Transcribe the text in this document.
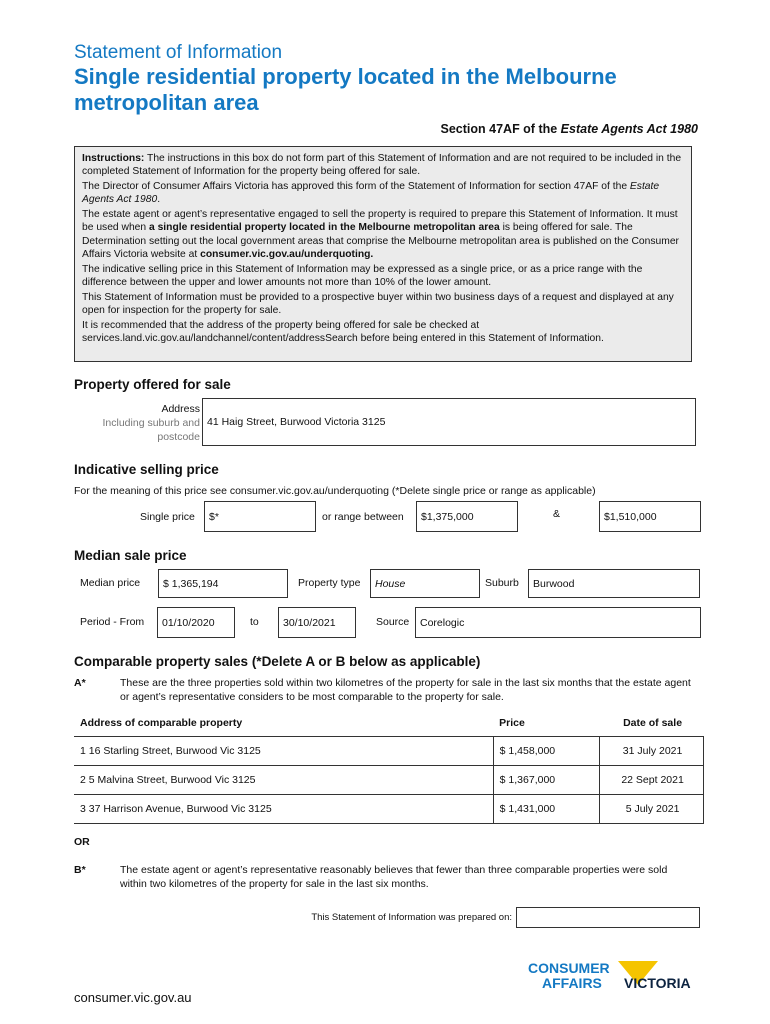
Statement of Information
Single residential property located in the Melbourne metropolitan area
Section 47AF of the Estate Agents Act 1980

Instructions: The instructions in this box do not form part of this Statement of Information and are not required to be included in the completed Statement of Information for the property being offered for sale.

The Director of Consumer Affairs Victoria has approved this form of the Statement of Information for section 47AF of the Estate Agents Act 1980.

The estate agent or agent’s representative engaged to sell the property is required to prepare this Statement of Information. It must be used when a single residential property located in the Melbourne metropolitan area is being offered for sale. The Determination setting out the local government areas that comprise the Melbourne metropolitan area is published on the Consumer Affairs Victoria website at consumer.vic.gov.au/underquoting.

The indicative selling price in this Statement of Information may be expressed as a single price, or as a price range with the difference between the upper and lower amounts not more than 10% of the lower amount.

This Statement of Information must be provided to a prospective buyer within two business days of a request and displayed at any open for inspection for the property for sale.

It is recommended that the address of the property being offered for sale be checked at services.land.vic.gov.au/landchannel/content/addressSearch before being entered in this Statement of Information.

Property offered for sale
Address
Including suburb and
postcode
41 Haig Street, Burwood Victoria 3125
Indicative selling price
For the meaning of this price see consumer.vic.gov.au/underquoting (*Delete single price or range as applicable)
Single price $*	or range between $1,375,000	&	$1,510,000
Median sale price
Median price $ 1,365,194	Property type House	Suburb Burwood
Period - From 01/10/2020	to 30/10/2021	Source Corelogic
Comparable property sales (*Delete A or B below as applicable)
A*	These are the three properties sold within two kilometres of the property for sale in the last six months that the estate agent or agent’s representative considers to be most comparable to the property for sale.
Address of comparable property	Price	Date of sale
1 16 Starling Street, Burwood Vic 3125	$ 1,458,000	31 July 2021
2 5 Malvina Street, Burwood Vic 3125	$ 1,367,000	22 Sept 2021
3 37 Harrison Avenue, Burwood Vic 3125	$ 1,431,000	5 July 2021
OR
B*	The estate agent or agent’s representative reasonably believes that fewer than three comparable properties were sold within two kilometres of the property for sale in the last six months.
This Statement of Information was prepared on:
CONSUMER
AFFAIRS VICTORIA
consumer.vic.gov.au
